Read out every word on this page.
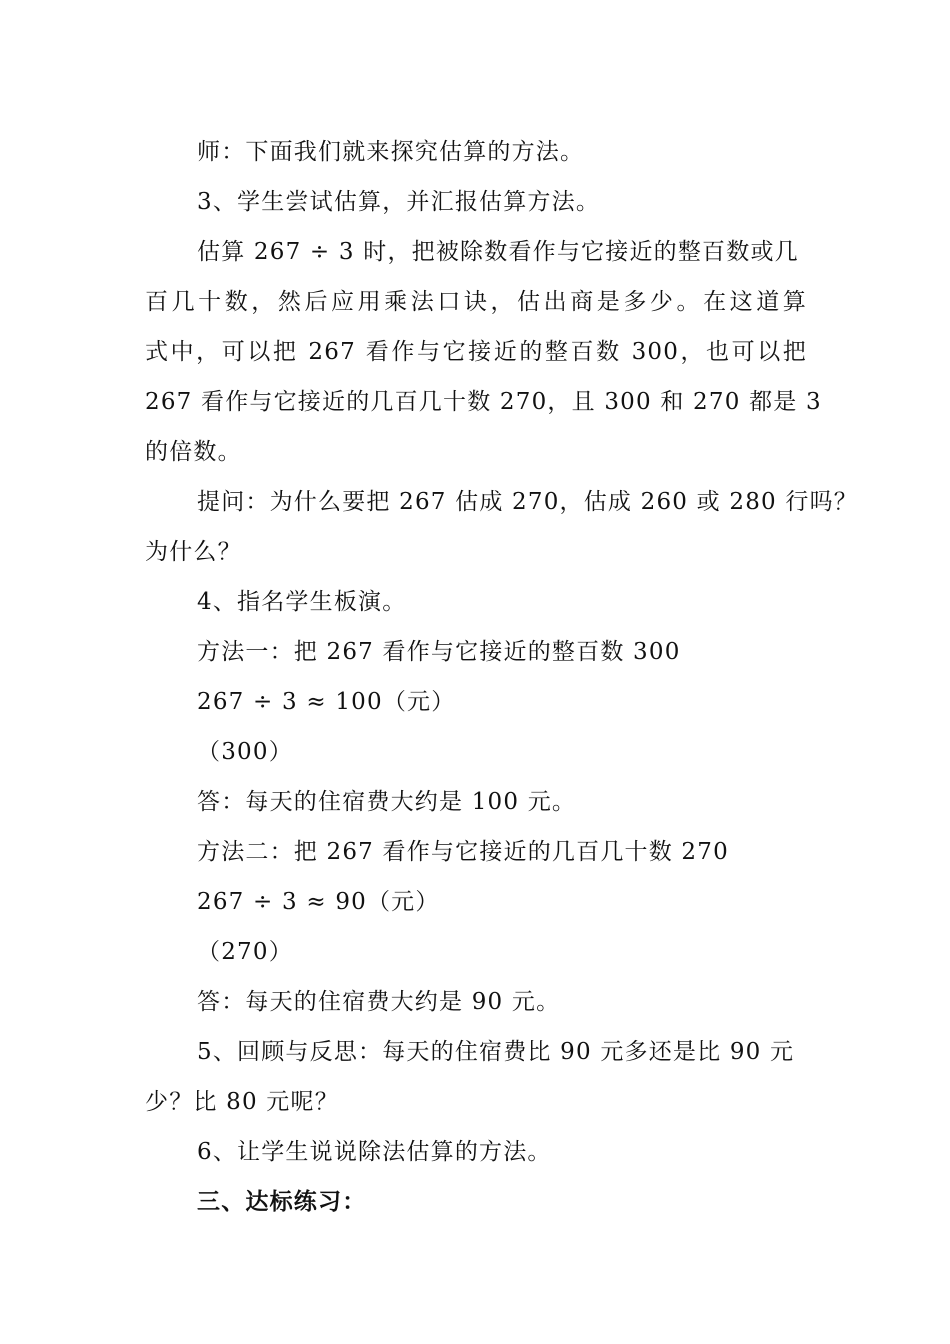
师：下面我们就来探究估算的方法。
3、学生尝试估算，并汇报估算方法。
估算 267 ÷ 3 时，把被除数看作与它接近的整百数或几
百几十数，然后应用乘法口诀，估出商是多少。在这道算
式中，可以把 267 看作与它接近的整百数 300，也可以把
267 看作与它接近的几百几十数 270，且 300 和 270 都是 3
的倍数。
提问：为什么要把 267 估成 270，估成 260 或 280 行吗？
为什么？
4、指名学生板演。
方法一：把 267 看作与它接近的整百数 300
267 ÷ 3 ≈ 100（元）
（300）
答：每天的住宿费大约是 100 元。
方法二：把 267 看作与它接近的几百几十数 270
267 ÷ 3 ≈ 90（元）
（270）
答：每天的住宿费大约是 90 元。
5、回顾与反思：每天的住宿费比 90 元多还是比 90 元
少？比 80 元呢？
6、让学生说说除法估算的方法。
三、达标练习：
